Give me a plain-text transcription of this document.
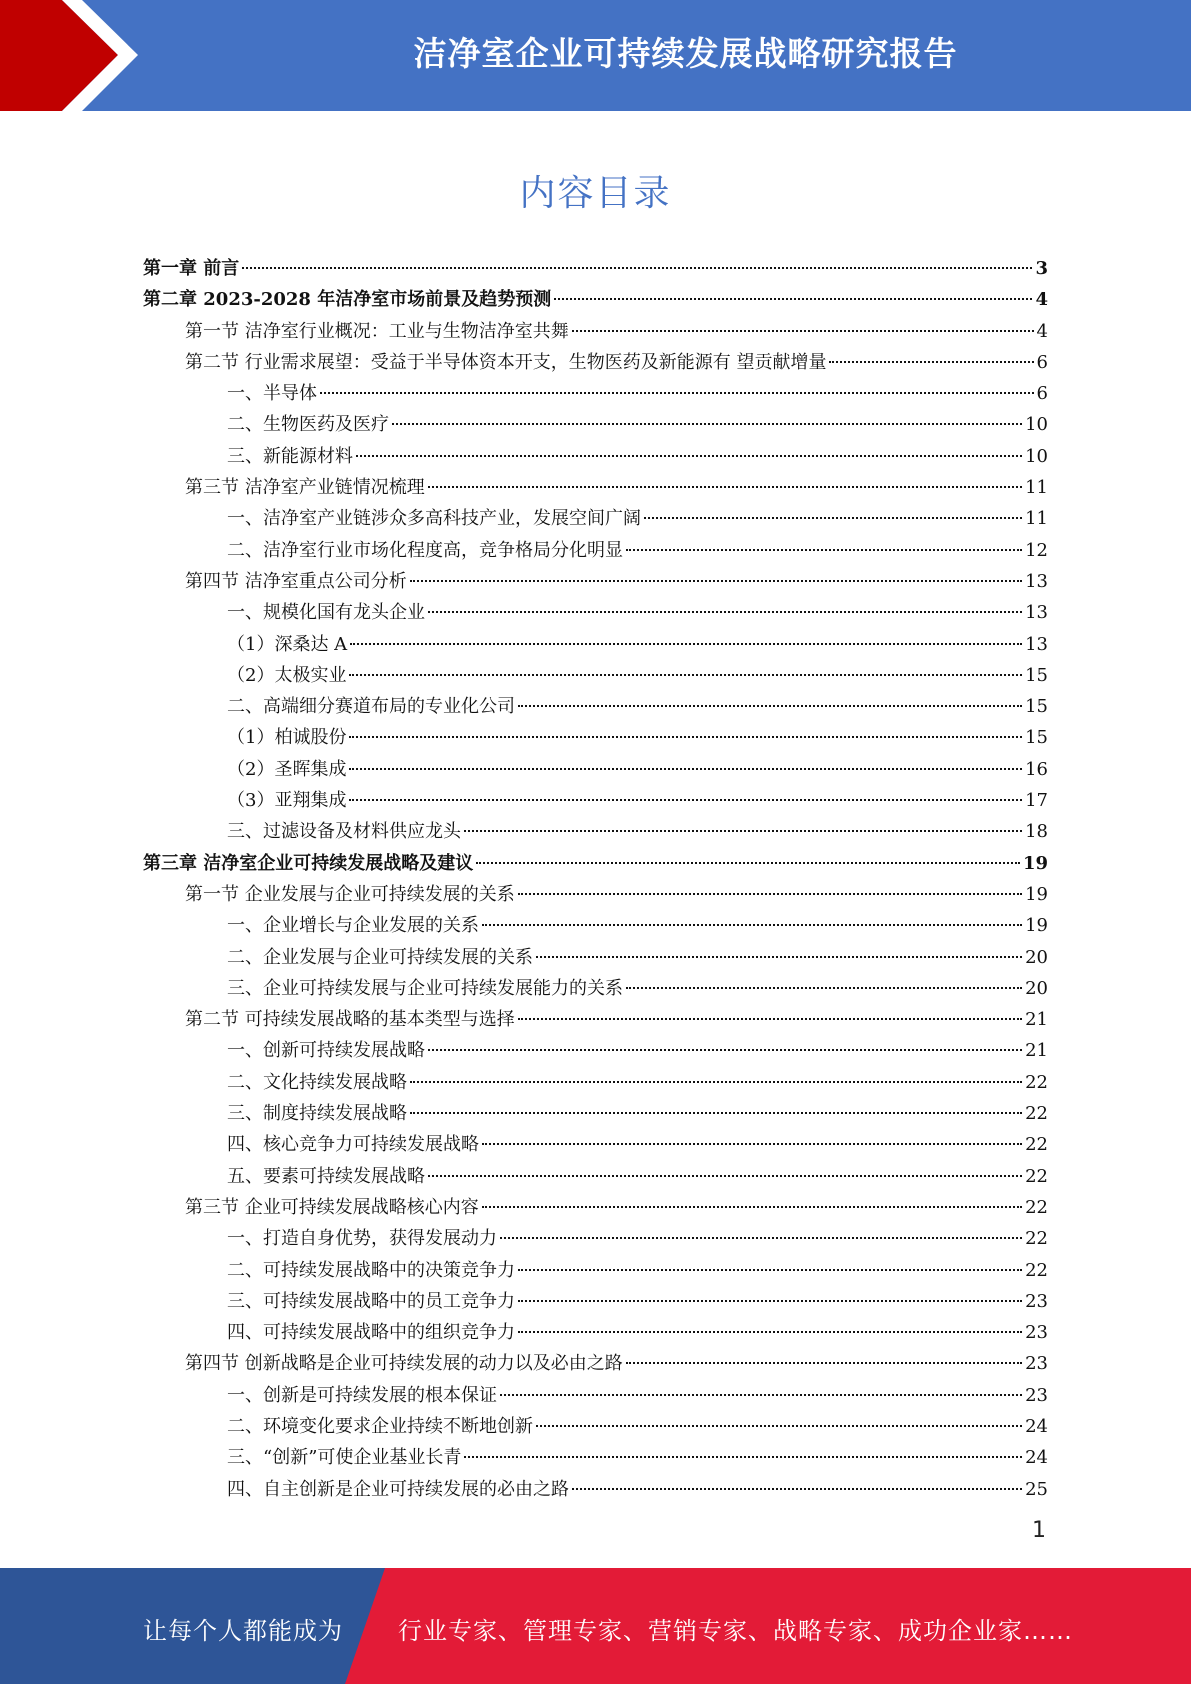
洁净室企业可持续发展战略研究报告
内容目录
第一章 前言	3
第二章 2023-2028 年洁净室市场前景及趋势预测	4
第一节 洁净室行业概况：工业与生物洁净室共舞	4
第二节 行业需求展望：受益于半导体资本开支，生物医药及新能源有 望贡献增量	6
一、半导体	6
二、生物医药及医疗	10
三、新能源材料	10
第三节 洁净室产业链情况梳理	11
一、洁净室产业链涉众多高科技产业，发展空间广阔	11
二、洁净室行业市场化程度高，竞争格局分化明显	12
第四节 洁净室重点公司分析	13
一、规模化国有龙头企业	13
（1）深桑达 A	13
（2）太极实业	15
二、高端细分赛道布局的专业化公司	15
（1）柏诚股份	15
（2）圣晖集成	16
（3）亚翔集成	17
三、过滤设备及材料供应龙头	18
第三章 洁净室企业可持续发展战略及建议	19
第一节 企业发展与企业可持续发展的关系	19
一、企业增长与企业发展的关系	19
二、企业发展与企业可持续发展的关系	20
三、企业可持续发展与企业可持续发展能力的关系	20
第二节 可持续发展战略的基本类型与选择	21
一、创新可持续发展战略	21
二、文化持续发展战略	22
三、制度持续发展战略	22
四、核心竞争力可持续发展战略	22
五、要素可持续发展战略	22
第三节 企业可持续发展战略核心内容	22
一、打造自身优势，获得发展动力	22
二、可持续发展战略中的决策竞争力	22
三、可持续发展战略中的员工竞争力	23
四、可持续发展战略中的组织竞争力	23
第四节 创新战略是企业可持续发展的动力以及必由之路	23
一、创新是可持续发展的根本保证	23
二、环境变化要求企业持续不断地创新	24
三、“创新”可使企业基业长青	24
四、自主创新是企业可持续发展的必由之路	25
1
让每个人都能成为 行业专家、管理专家、营销专家、战略专家、成功企业家……
